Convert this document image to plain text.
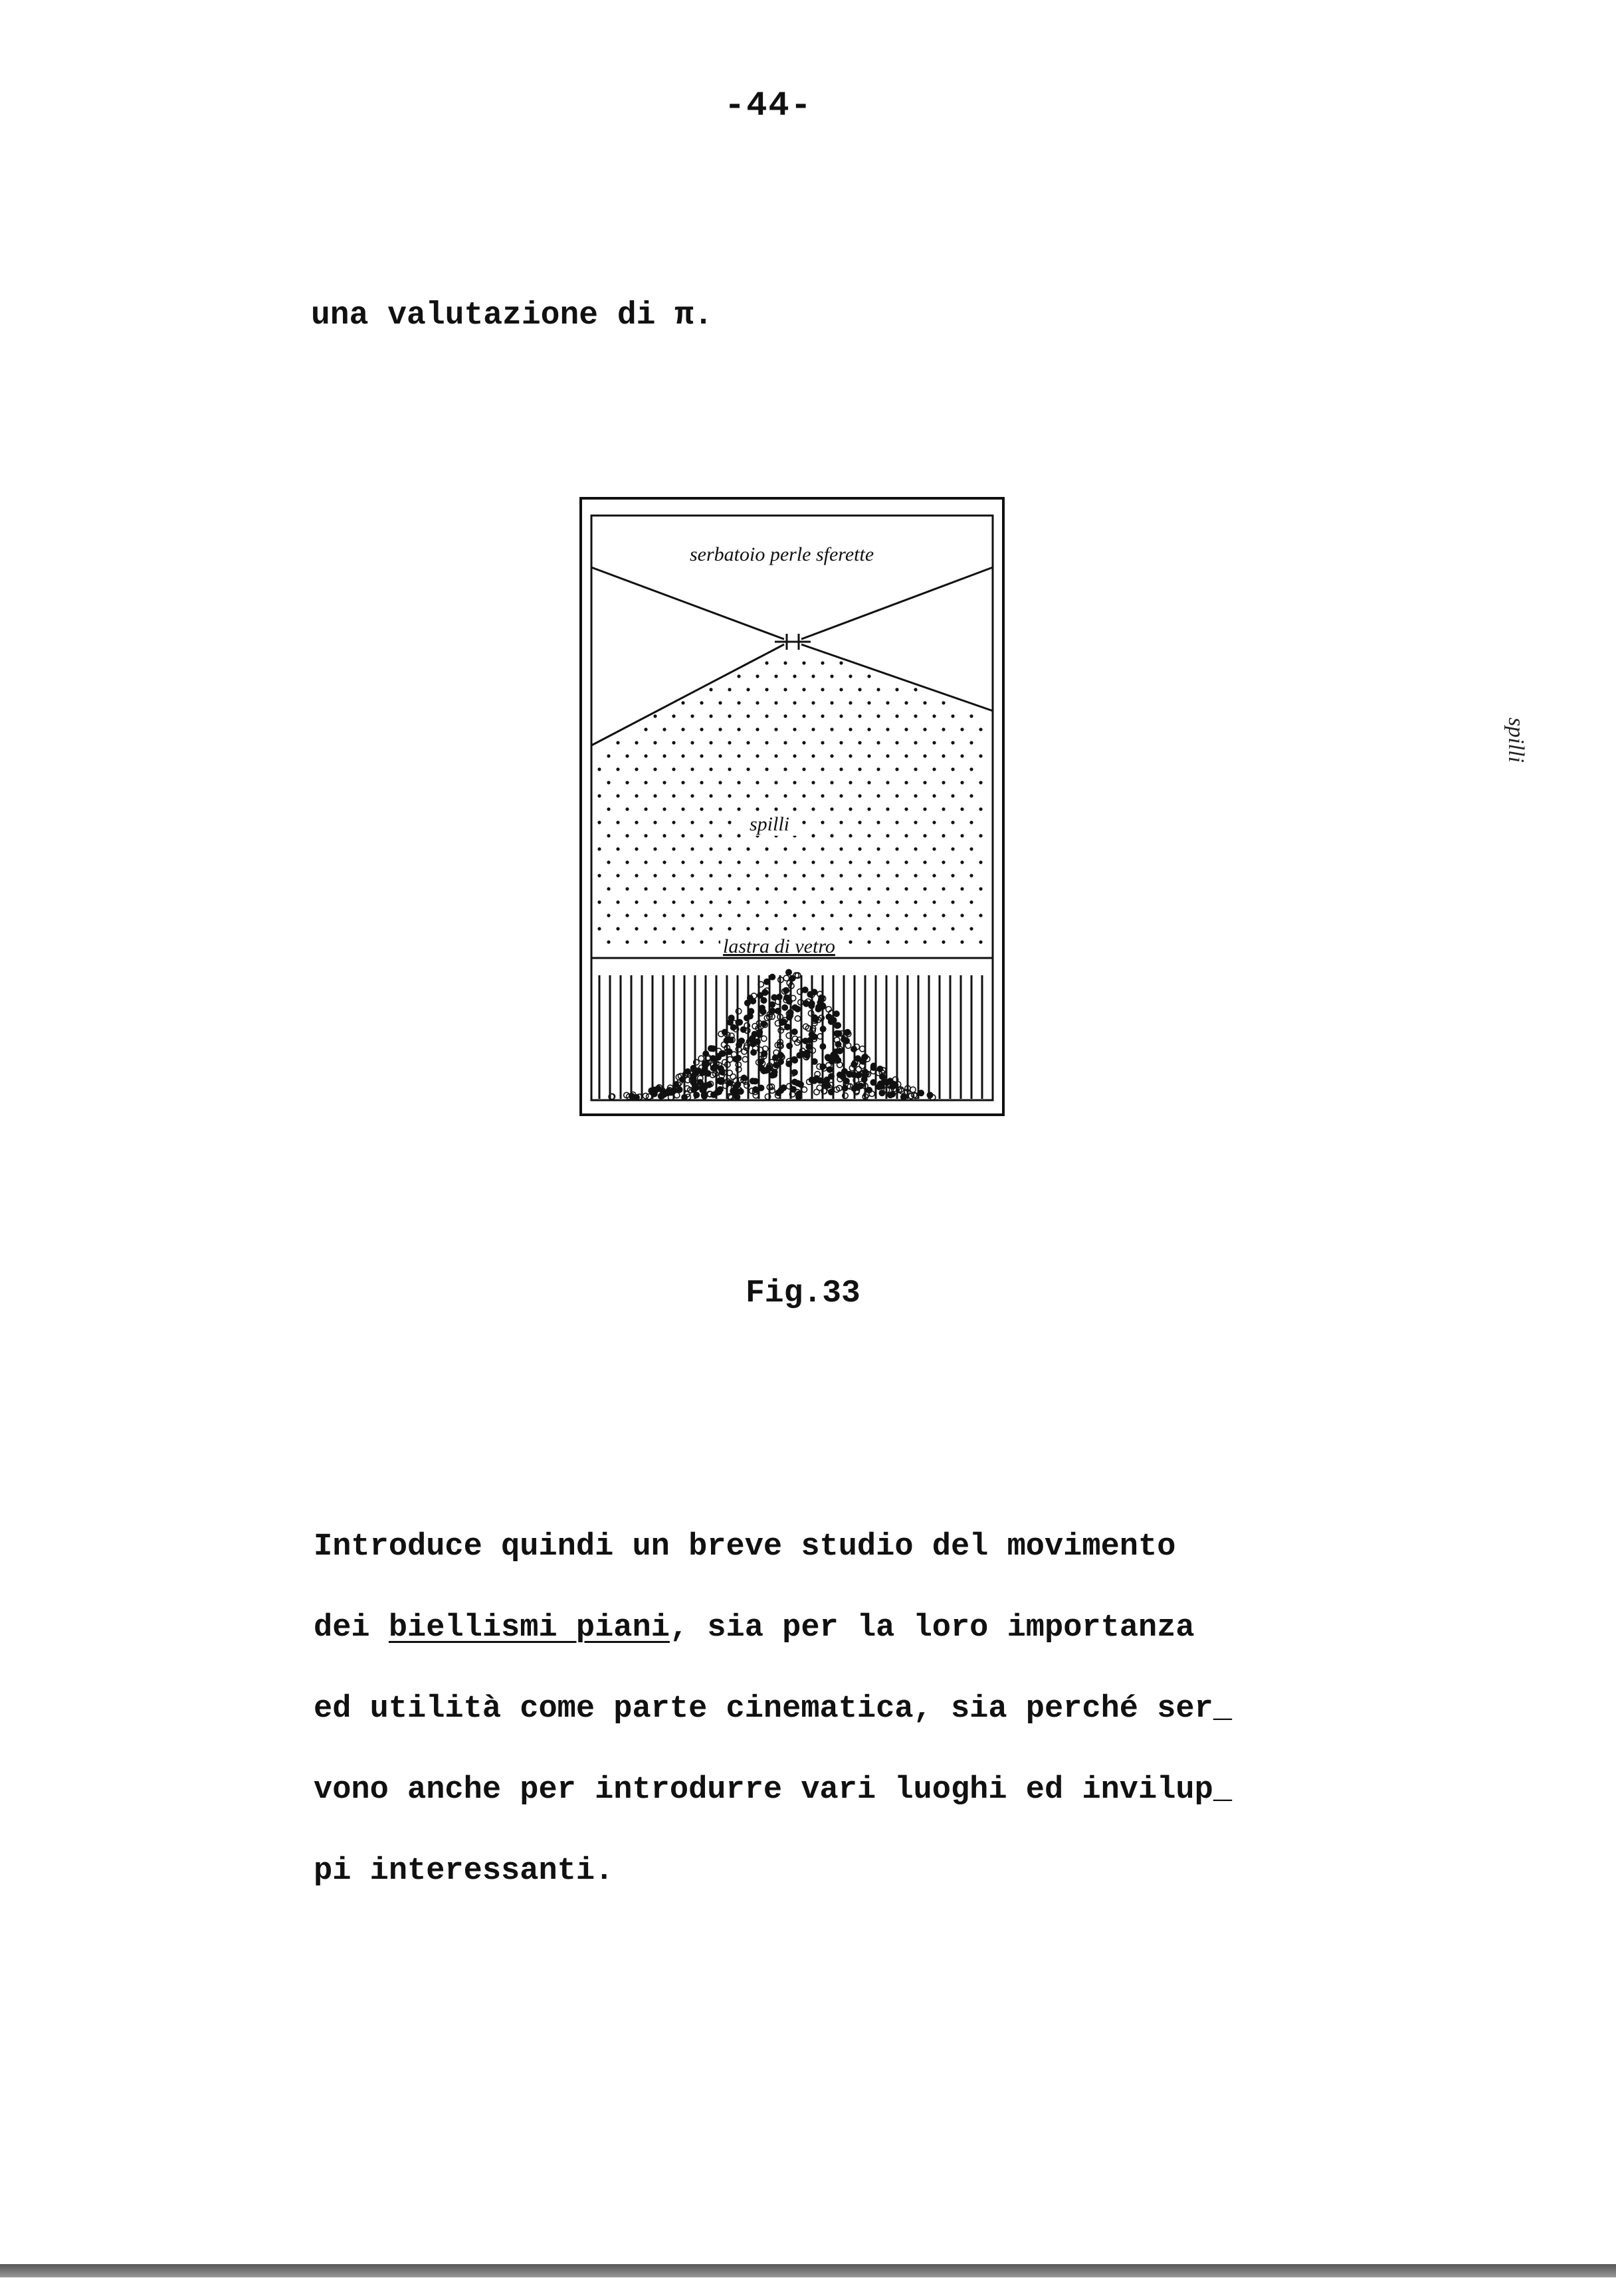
-44-
una valutazione di π.
serbatoio perle sferette
spilli
lastra di vetro
Fig.33
Introduce quindi un breve studio del movimento
dei biellismi piani, sia per la loro importanza
ed utilità come parte cinematica, sia perché ser_
vono anche per introdurre vari luoghi ed invilup_
pi interessanti.
spilli
